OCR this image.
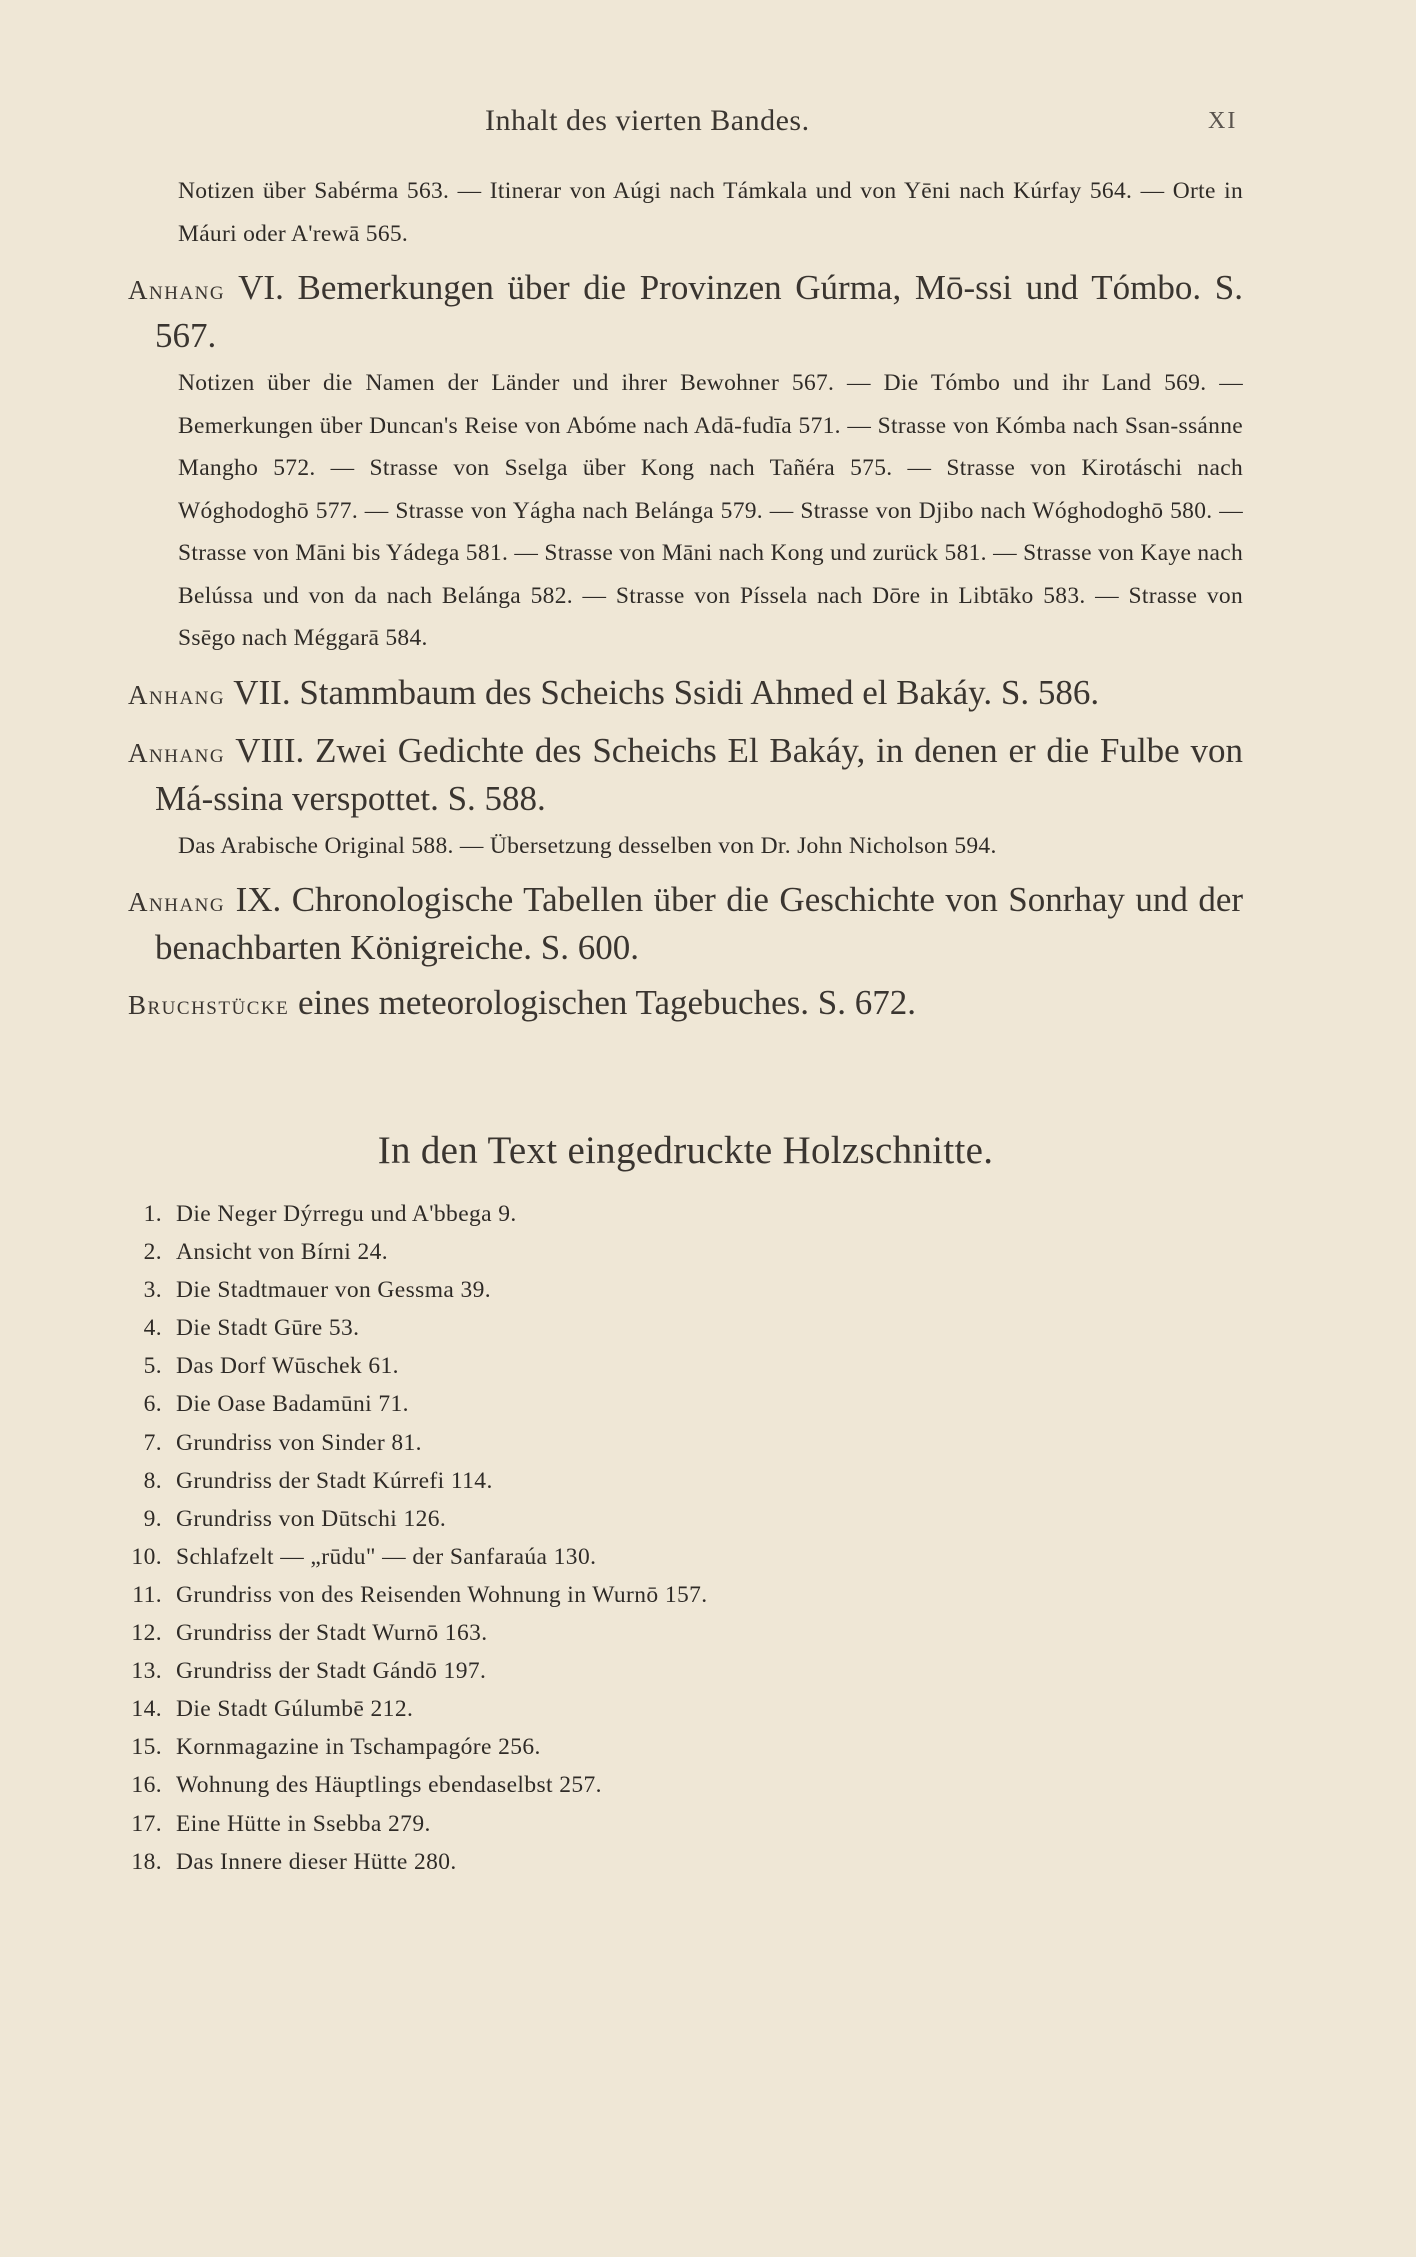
Inhalt des vierten Bandes.	XI

Notizen über Sabérma 563. — Itinerar von Aúgi nach Támkala und von Yēni nach Kúrfay 564. — Orte in Máuri oder A'rewā 565.

Anhang VI. Bemerkungen über die Provinzen Gúrma, Mō-ssi und Tómbo. S. 567.

Notizen über die Namen der Länder und ihrer Bewohner 567. — Die Tómbo und ihr Land 569. — Bemerkungen über Duncan's Reise von Abóme nach Adā-fudīa 571. — Strasse von Kómba nach Ssan-ssánne Mangho 572. — Strasse von Sselga über Kong nach Tañéra 575. — Strasse von Kirotáschi nach Wóghodoghō 577. — Strasse von Yágha nach Belánga 579. — Strasse von Djibo nach Wóghodoghō 580. — Strasse von Māni bis Yádega 581. — Strasse von Māni nach Kong und zurück 581. — Strasse von Kaye nach Belússa und von da nach Belánga 582. — Strasse von Píssela nach Dōre in Libtāko 583. — Strasse von Ssēgo nach Méggarā 584.

Anhang VII. Stammbaum des Scheichs Ssidi Ahmed el Bakáy. S. 586.
Anhang VIII. Zwei Gedichte des Scheichs El Bakáy, in denen er die Fulbe von Má-ssina verspottet. S. 588.

Das Arabische Original 588. — Übersetzung desselben von Dr. John Nicholson 594.

Anhang IX. Chronologische Tabellen über die Geschichte von Sonrhay und der benachbarten Königreiche. S. 600.
Bruchstücke eines meteorologischen Tagebuches. S. 672.
In den Text eingedruckte Holzschnitte.
1. Die Neger Dýrregu und A'bbega 9.
2. Ansicht von Bírni 24.
3. Die Stadtmauer von Gessma 39.
4. Die Stadt Gūre 53.
5. Das Dorf Wūschek 61.
6. Die Oase Badamūni 71.
7. Grundriss von Sinder 81.
8. Grundriss der Stadt Kúrrefi 114.
9. Grundriss von Dūtschi 126.
10. Schlafzelt — „rūdu" — der Sanfaraúa 130.
11. Grundriss von des Reisenden Wohnung in Wurnō 157.
12. Grundriss der Stadt Wurnō 163.
13. Grundriss der Stadt Gándō 197.
14. Die Stadt Gúlumbē 212.
15. Kornmagazine in Tschampagóre 256.
16. Wohnung des Häuptlings ebendaselbst 257.
17. Eine Hütte in Ssebba 279.
18. Das Innere dieser Hütte 280.
